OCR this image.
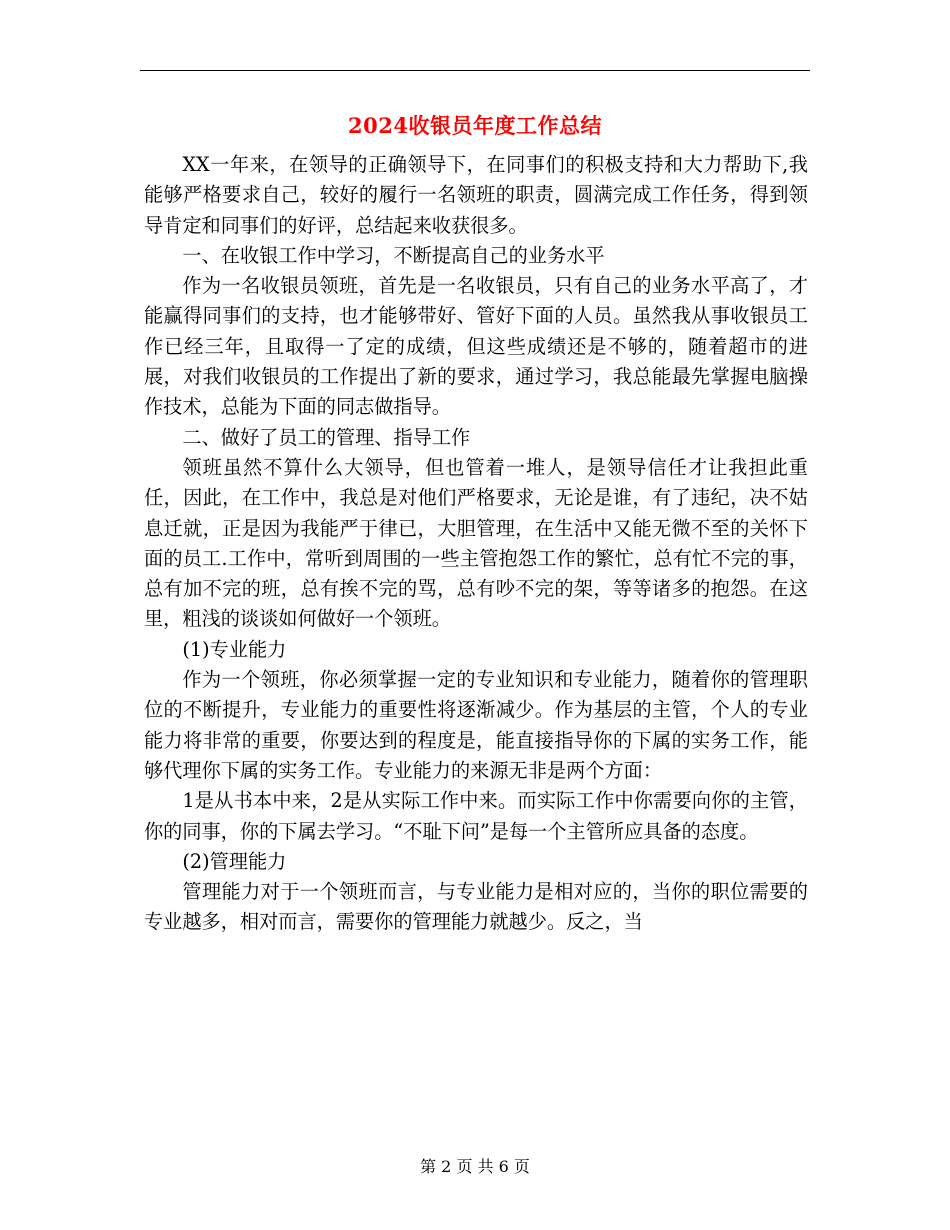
2024收银员年度工作总结

XX一年来，在领导的正确领导下，在同事们的积极支持和大力帮助下,我能够严格要求自己，较好的履行一名领班的职责，圆满完成工作任务，得到领导肯定和同事们的好评，总结起来收获很多。

一、在收银工作中学习，不断提高自己的业务水平

作为一名收银员领班，首先是一名收银员，只有自己的业务水平高了，才能赢得同事们的支持，也才能够带好、管好下面的人员。虽然我从事收银员工作已经三年，且取得一了定的成绩，但这些成绩还是不够的，随着超市的进展，对我们收银员的工作提出了新的要求，通过学习，我总能最先掌握电脑操作技术，总能为下面的同志做指导。

二、做好了员工的管理、指导工作

领班虽然不算什么大领导，但也管着一堆人，是领导信任才让我担此重任，因此，在工作中，我总是对他们严格要求，无论是谁，有了违纪，决不姑息迁就，正是因为我能严于律已，大胆管理，在生活中又能无微不至的关怀下面的员工.工作中，常听到周围的一些主管抱怨工作的繁忙，总有忙不完的事，总有加不完的班，总有挨不完的骂，总有吵不完的架，等等诸多的抱怨。在这里，粗浅的谈谈如何做好一个领班。

(1)专业能力

作为一个领班，你必须掌握一定的专业知识和专业能力，随着你的管理职位的不断提升，专业能力的重要性将逐渐减少。作为基层的主管，个人的专业能力将非常的重要，你要达到的程度是，能直接指导你的下属的实务工作，能够代理你下属的实务工作。专业能力的来源无非是两个方面：

1是从书本中来，2是从实际工作中来。而实际工作中你需要向你的主管，你的同事，你的下属去学习。“不耻下问”是每一个主管所应具备的态度。

(2)管理能力

管理能力对于一个领班而言，与专业能力是相对应的，当你的职位需要的专业越多，相对而言，需要你的管理能力就越少。反之，当

第 2 页 共 6 页
